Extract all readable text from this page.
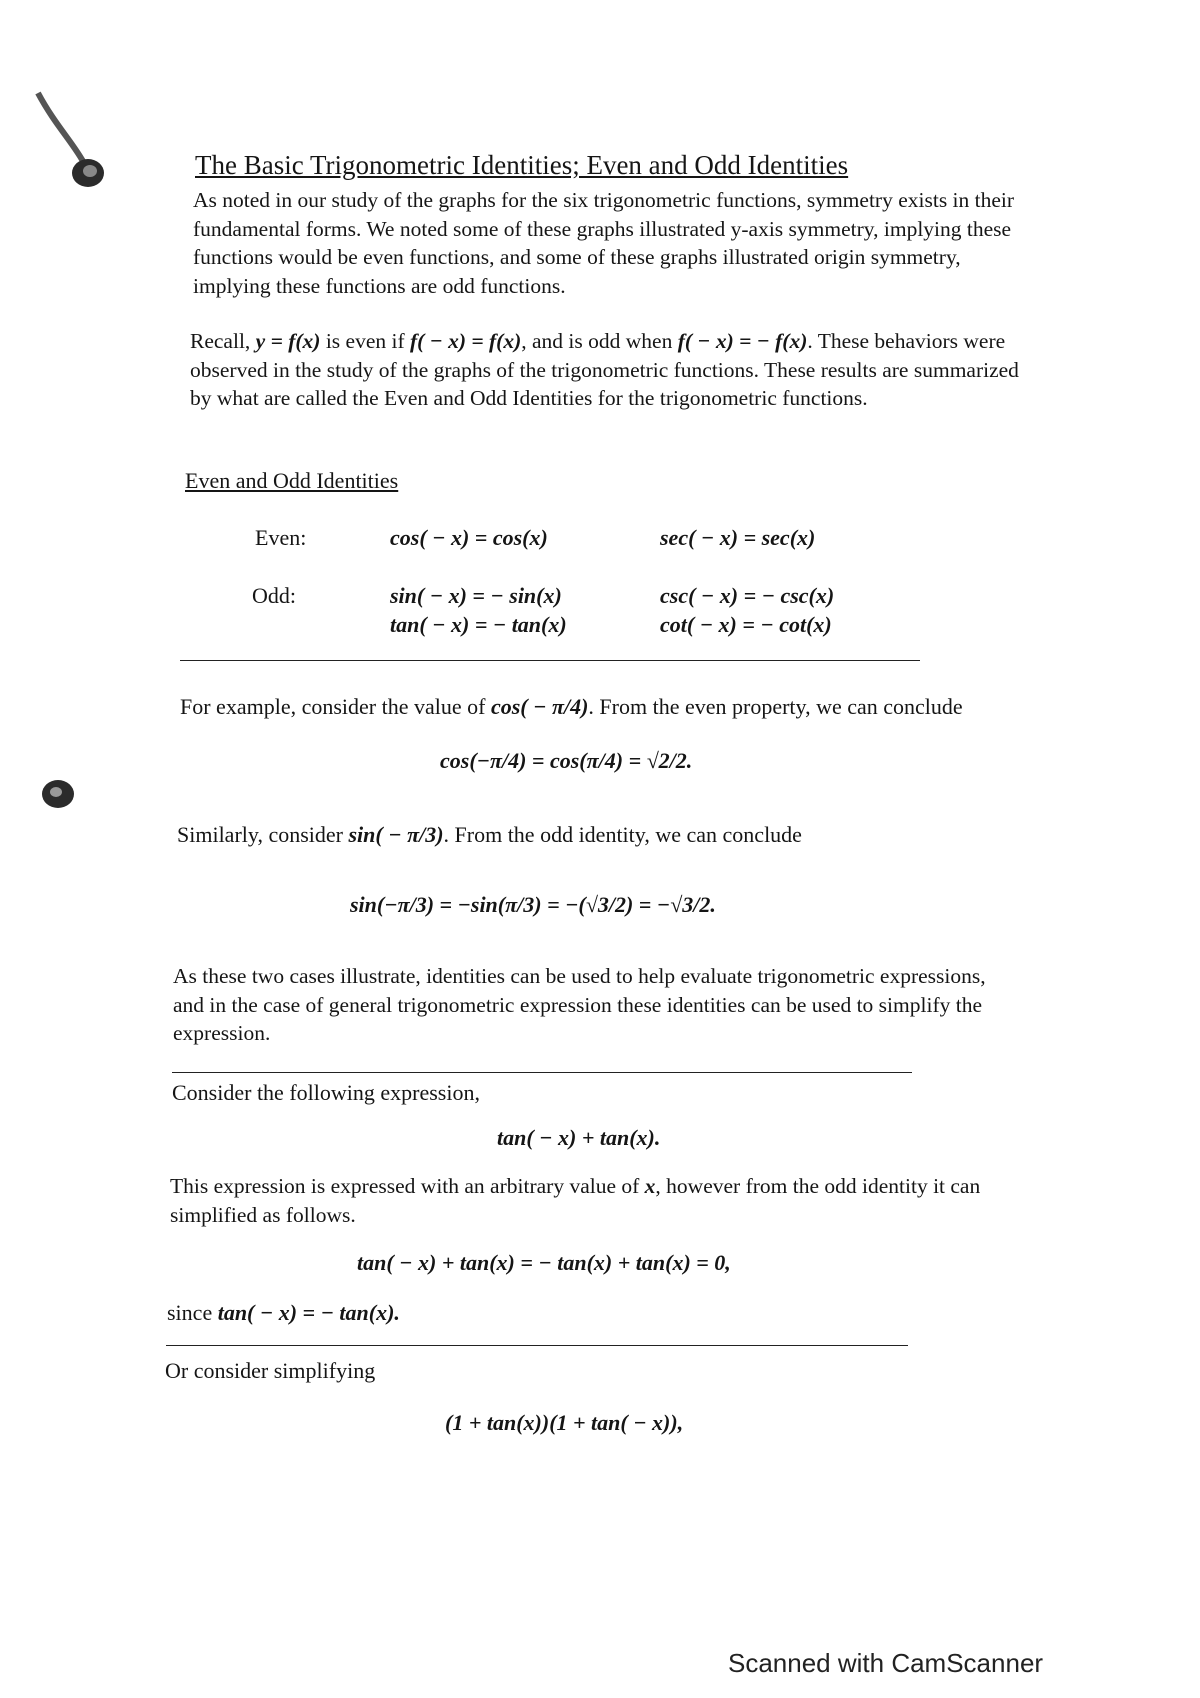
The Basic Trigonometric Identities; Even and Odd Identities
As noted in our study of the graphs for the six trigonometric functions, symmetry exists in their fundamental forms. We noted some of these graphs illustrated y-axis symmetry, implying these functions would be even functions, and some of these graphs illustrated origin symmetry, implying these functions are odd functions.
Recall, y = f(x) is even if f( − x) = f(x), and is odd when f( − x) = − f(x). These behaviors were observed in the study of the graphs of the trigonometric functions. These results are summarized by what are called the Even and Odd Identities for the trigonometric functions.
Even and Odd Identities
Even:	cos( − x) = cos(x)	sec( − x) = sec(x)
Odd:	sin( − x) = − sin(x)	csc( − x) = − csc(x)
tan( − x) = − tan(x)	cot( − x) = − cot(x)
For example, consider the value of cos( − π/4). From the even property, we can conclude
cos(−π/4) = cos(π/4) = √2/2.
Similarly, consider sin( − π/3). From the odd identity, we can conclude
sin(−π/3) = −sin(π/3) = −(√3/2) = −√3/2.
As these two cases illustrate, identities can be used to help evaluate trigonometric expressions, and in the case of general trigonometric expression these identities can be used to simplify the expression.
Consider the following expression,
tan( − x) + tan(x).
This expression is expressed with an arbitrary value of x, however from the odd identity it can simplified as follows.
tan( − x) + tan(x) = − tan(x) + tan(x) = 0,
since tan( − x) = − tan(x).
Or consider simplifying
(1 + tan(x))(1 + tan( − x)),
Scanned with CamScanner
